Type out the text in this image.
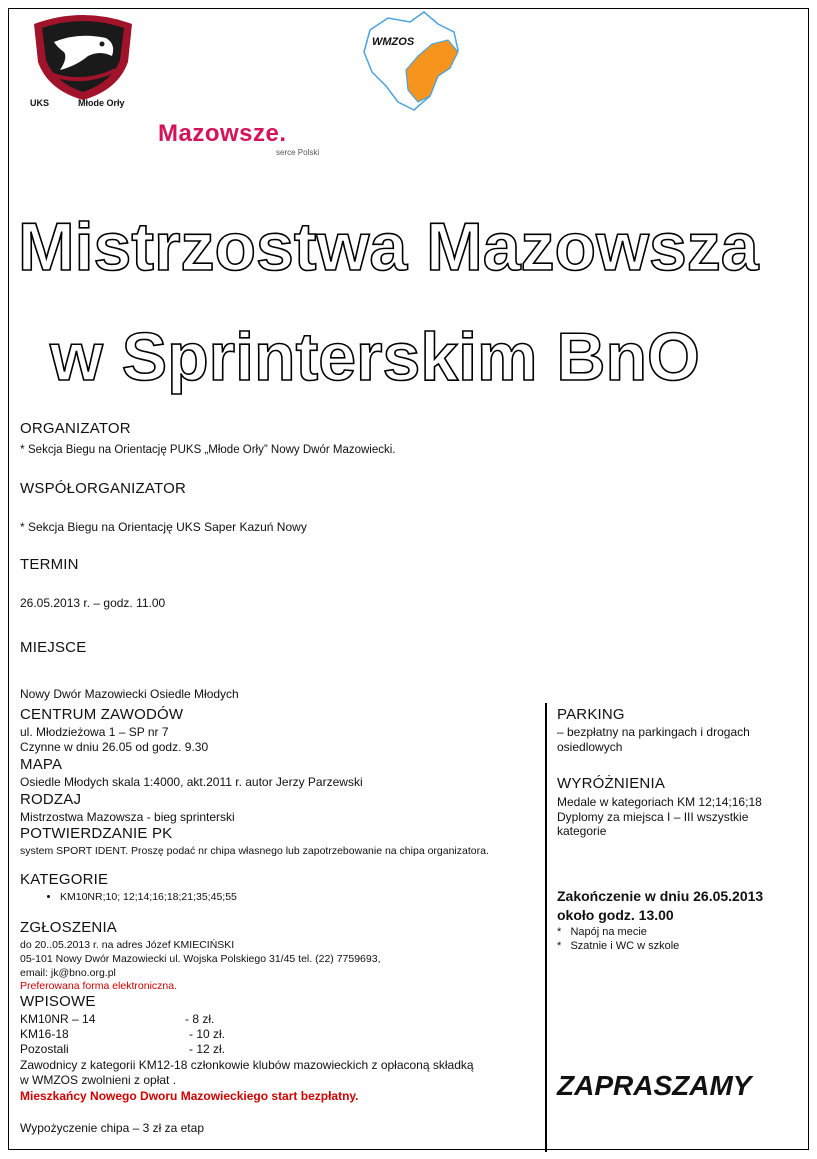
UKS	Młode Orły
WMZOS
Mazowsze.
serce Polski
Mistrzostwa Mazowsza
w Sprinterskim BnO
ORGANIZATOR
* Sekcja Biegu na Orientację PUKS „Młode Orły” Nowy Dwór Mazowiecki.
WSPÓŁORGANIZATOR
* Sekcja Biegu na Orientację UKS Saper Kazuń Nowy
TERMIN
26.05.2013 r. – godz. 11.00
MIEJSCE
Nowy Dwór Mazowiecki Osiedle Młodych
CENTRUM ZAWODÓW
ul. Młodzieżowa 1 – SP nr 7
Czynne w dniu 26.05 od godz. 9.30
MAPA
Osiedle Młodych skala 1:4000, akt.2011 r. autor Jerzy Parzewski
RODZAJ
Mistrzostwa Mazowsza - bieg sprinterski
POTWIERDZANIE PK
system SPORT IDENT. Proszę podać nr chipa własnego lub zapotrzebowanie na chipa organizatora.
KATEGORIE
• KM10NR;10; 12;14;16;18;21;35;45;55
ZGŁOSZENIA
do 20..05.2013 r. na adres Józef KMIECIŃSKI
05-101 Nowy Dwór Mazowiecki ul. Wojska Polskiego 31/45 tel. (22) 7759693,
email: jk@bno.org.pl
Preferowana forma elektroniczna.
WPISOWE
KM10NR – 14	- 8 zł.
KM16-18	- 10 zł.
Pozostali	- 12 zł.
Zawodnicy z kategorii KM12-18 członkowie klubów mazowieckich z opłaconą składką
w WMZOS zwolnieni z opłat .
Mieszkańcy Nowego Dworu Mazowieckiego start bezpłatny.
Wypożyczenie chipa – 3 zł za etap
PARKING
– bezpłatny na parkingach i drogach osiedlowych
WYRÓŻNIENIA
Medale w kategoriach KM 12;14;16;18
Dyplomy za miejsca I – III wszystkie kategorie
Zakończenie w dniu 26.05.2013
około godz. 13.00
*   Napój na mecie
*   Szatnie i WC w szkole
ZAPRASZAMY
